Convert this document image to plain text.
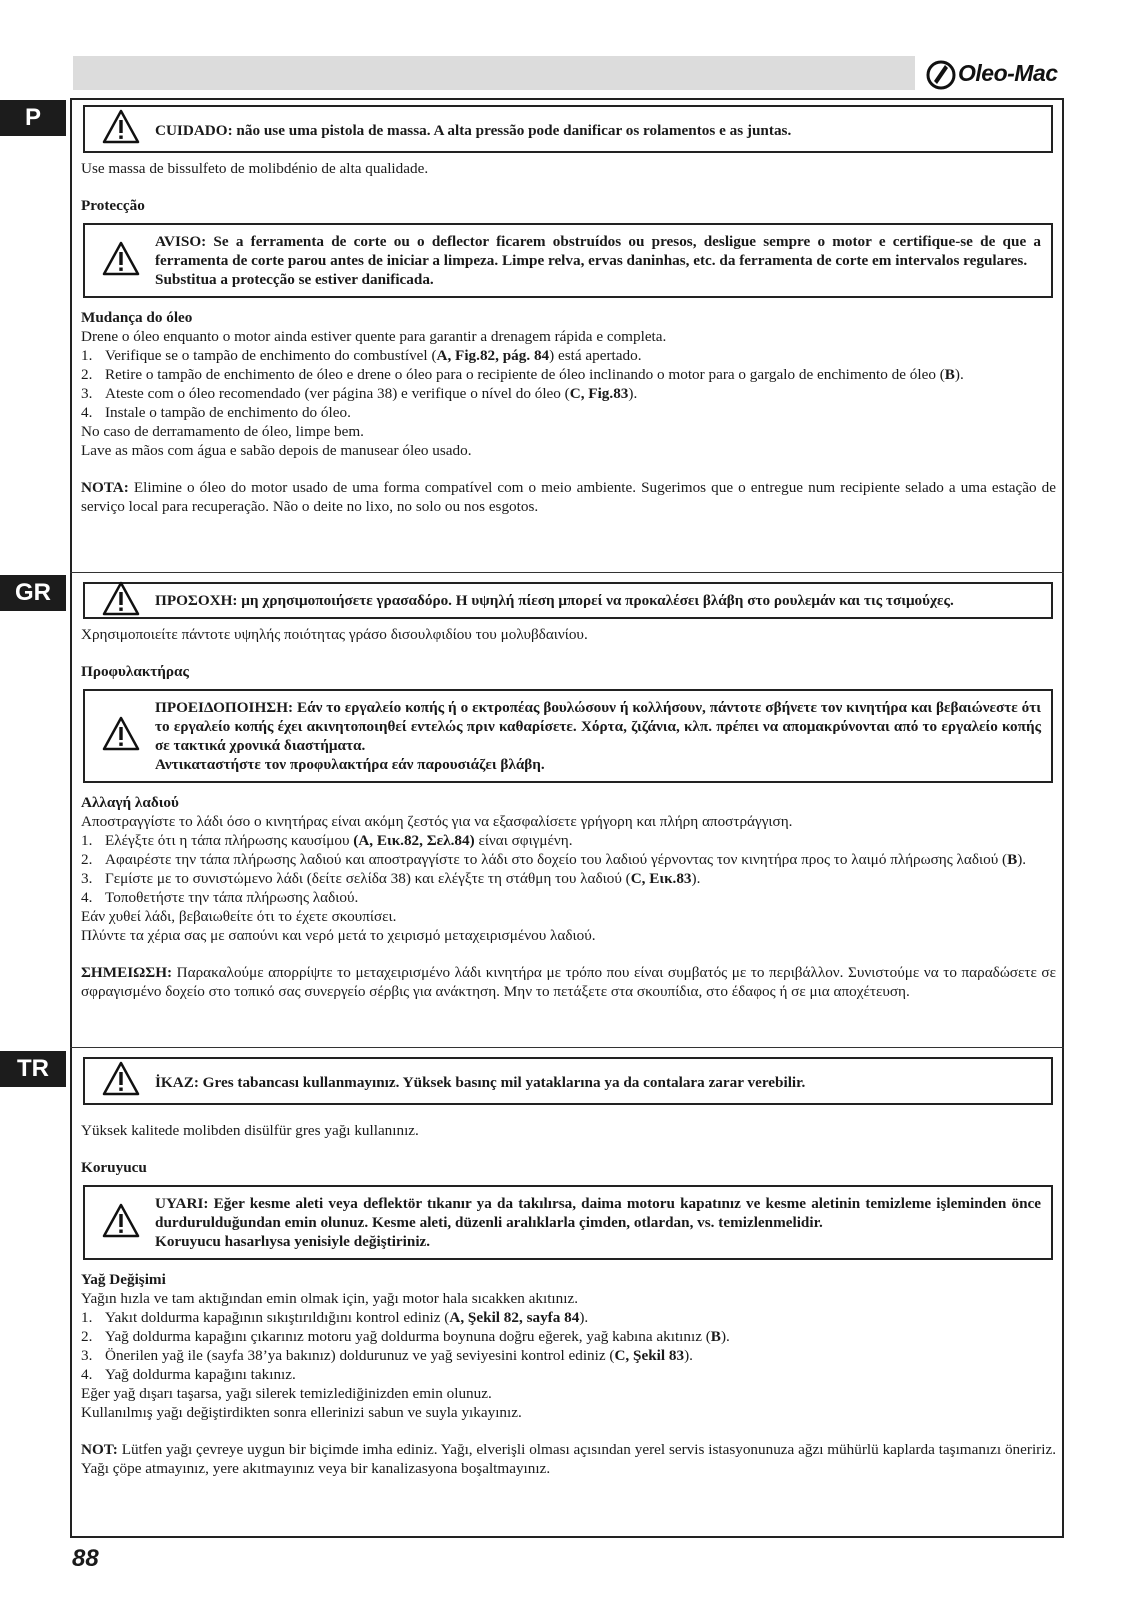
Oleo-Mac
P
GR
TR

CUIDADO: não use uma pistola de massa. A alta pressão pode danificar os rolamentos e as juntas.

Use massa de bissulfeto de molibdénio de alta qualidade.

Protecção

AVISO: Se a ferramenta de corte ou o deflector ficarem obstruídos ou presos, desligue sempre o motor e certifique-se de que a ferramenta de corte parou antes de iniciar a limpeza. Limpe relva, ervas daninhas, etc. da ferramenta de corte em intervalos regulares.

Substitua a protecção se estiver danificada.

Mudança do óleo

Drene o óleo enquanto o motor ainda estiver quente para garantir a drenagem rápida e completa.

1. Verifique se o tampão de enchimento do combustível (A, Fig.82, pág. 84) está apertado.
2. Retire o tampão de enchimento de óleo e drene o óleo para o recipiente de óleo inclinando o motor para o gargalo de enchimento de óleo (B).
3. Ateste com o óleo recomendado (ver página 38) e verifique o nível do óleo (C, Fig.83).
4. Instale o tampão de enchimento do óleo.

No caso de derramamento de óleo, limpe bem.

Lave as mãos com água e sabão depois de manusear óleo usado.

NOTA: Elimine o óleo do motor usado de uma forma compatível com o meio ambiente. Sugerimos que o entregue num recipiente selado a uma estação de serviço local para recuperação. Não o deite no lixo, no solo ou nos esgotos.

ΠΡΟΣΟΧΗ: μη χρησιμοποιήσετε γρασαδόρο. Η υψηλή πίεση μπορεί να προκαλέσει βλάβη στο ρουλεμάν και τις τσιμούχες.

Χρησιμοποιείτε πάντοτε υψηλής ποιότητας γράσο δισουλφιδίου του μολυβδαινίου.

Προφυλακτήρας

ΠΡΟΕΙΔΟΠΟΙΗΣΗ: Εάν το εργαλείο κοπής ή ο εκτροπέας βουλώσουν ή κολλήσουν, πάντοτε σβήνετε τον κινητήρα και βεβαιώνεστε ότι το εργαλείο κοπής έχει ακινητοποιηθεί εντελώς πριν καθαρίσετε. Χόρτα, ζιζάνια, κλπ. πρέπει να απομακρύνονται από το εργαλείο κοπής σε τακτικά χρονικά διαστήματα.

Αντικαταστήστε τον προφυλακτήρα εάν παρουσιάζει βλάβη.

Αλλαγή λαδιού

Αποστραγγίστε το λάδι όσο ο κινητήρας είναι ακόμη ζεστός για να εξασφαλίσετε γρήγορη και πλήρη αποστράγγιση.

1. Ελέγξτε ότι η τάπα πλήρωσης καυσίμου (A, Εικ.82, Σελ.84) είναι σφιγμένη.
2. Αφαιρέστε την τάπα πλήρωσης λαδιού και αποστραγγίστε το λάδι στο δοχείο του λαδιού γέρνοντας τον κινητήρα προς το λαιμό πλήρωσης λαδιού (B).
3. Γεμίστε με το συνιστώμενο λάδι (δείτε σελίδα 38) και ελέγξτε τη στάθμη του λαδιού (C, Εικ.83).
4. Τοποθετήστε την τάπα πλήρωσης λαδιού.

Εάν χυθεί λάδι, βεβαιωθείτε ότι το έχετε σκουπίσει.

Πλύντε τα χέρια σας με σαπούνι και νερό μετά το χειρισμό μεταχειρισμένου λαδιού.

ΣΗΜΕΙΩΣΗ: Παρακαλούμε απορρίψτε το μεταχειρισμένο λάδι κινητήρα με τρόπο που είναι συμβατός με το περιβάλλον. Συνιστούμε να το παραδώσετε σε σφραγισμένο δοχείο στο τοπικό σας συνεργείο σέρβις για ανάκτηση. Μην το πετάξετε στα σκουπίδια, στο έδαφος ή σε μια αποχέτευση.

İKAZ: Gres tabancası kullanmayınız. Yüksek basınç mil yataklarına ya da contalara zarar verebilir.

Yüksek kalitede molibden disülfür gres yağı kullanınız.

Koruyucu

UYARI: Eğer kesme aleti veya deflektör tıkanır ya da takılırsa, daima motoru kapatınız ve kesme aletinin temizleme işleminden önce durdurulduğundan emin olunuz. Kesme aleti, düzenli aralıklarla çimden, otlardan, vs. temizlenmelidir.

Koruyucu hasarlıysa yenisiyle değiştiriniz.

Yağ Değişimi

Yağın hızla ve tam aktığından emin olmak için, yağı motor hala sıcakken akıtınız.

1. Yakıt doldurma kapağının sıkıştırıldığını kontrol ediniz (A, Şekil 82, sayfa 84).
2. Yağ doldurma kapağını çıkarınız motoru yağ doldurma boynuna doğru eğerek, yağ kabına akıtınız (B).
3. Önerilen yağ ile (sayfa 38’ya bakınız) doldurunuz ve yağ seviyesini kontrol ediniz (C, Şekil 83).
4. Yağ doldurma kapağını takınız.

Eğer yağ dışarı taşarsa, yağı silerek temizlediğinizden emin olunuz.

Kullanılmış yağı değiştirdikten sonra ellerinizi sabun ve suyla yıkayınız.

NOT: Lütfen yağı çevreye uygun bir biçimde imha ediniz. Yağı, elverişli olması açısından yerel servis istasyonunuza ağzı mühürlü kaplarda taşımanızı öneririz. Yağı çöpe atmayınız, yere akıtmayınız veya bir kanalizasyona boşaltmayınız.

88
